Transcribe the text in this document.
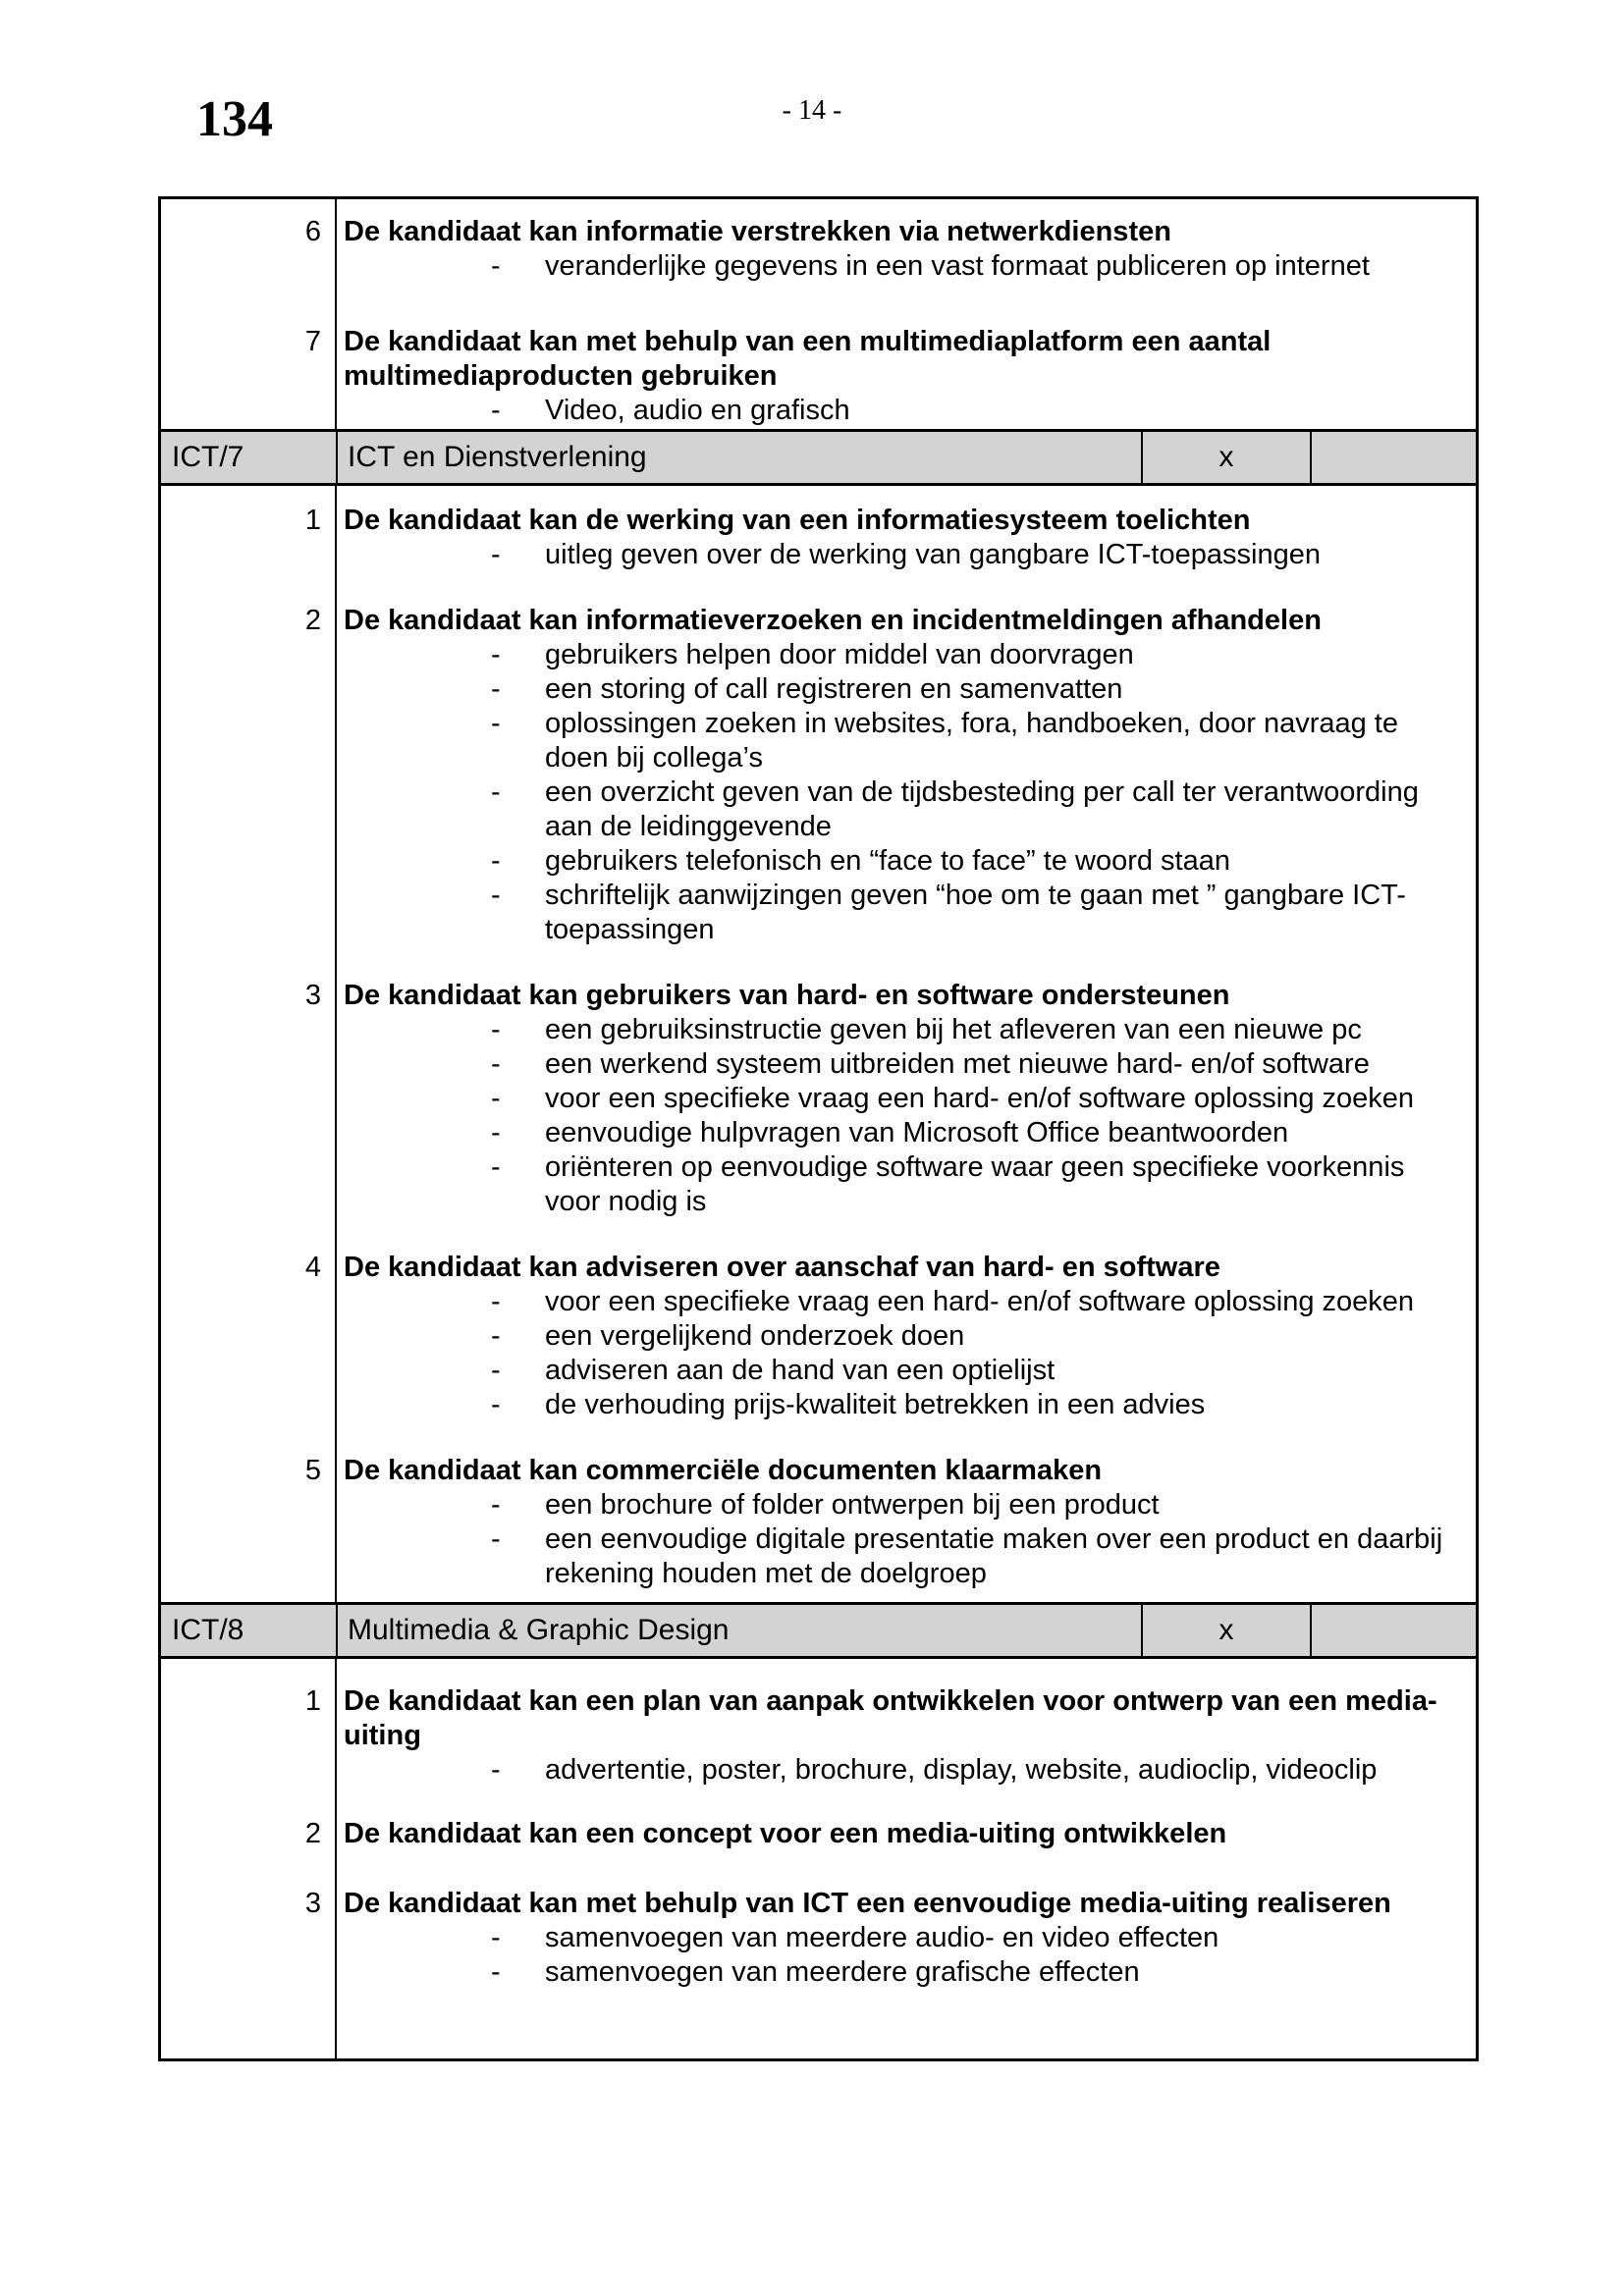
134	- 14 -
6 De kandidaat kan informatie verstrekken via netwerkdiensten
- veranderlijke gegevens in een vast formaat publiceren op internet
7 De kandidaat kan met behulp van een multimediaplatform een aantal multimediaproducten gebruiken
- Video, audio en grafisch
ICT/7	ICT en Dienstverlening	x
1 De kandidaat kan de werking van een informatiesysteem toelichten
- uitleg geven over de werking van gangbare ICT-toepassingen
2 De kandidaat kan informatieverzoeken en incidentmeldingen afhandelen
- gebruikers helpen door middel van doorvragen
- een storing of call registreren en samenvatten
- oplossingen zoeken in websites, fora, handboeken, door navraag te doen bij collega’s
- een overzicht geven van de tijdsbesteding per call ter verantwoording aan de leidinggevende
- gebruikers telefonisch en “face to face” te woord staan
- schriftelijk aanwijzingen geven “hoe om te gaan met ” gangbare ICT-toepassingen
3 De kandidaat kan gebruikers van hard- en software ondersteunen
- een gebruiksinstructie geven bij het afleveren van een nieuwe pc
- een werkend systeem uitbreiden met nieuwe hard- en/of software
- voor een specifieke vraag een hard- en/of software oplossing zoeken
- eenvoudige hulpvragen van Microsoft Office beantwoorden
- oriënteren op eenvoudige software waar geen specifieke voorkennis voor nodig is
4 De kandidaat kan adviseren over aanschaf van hard- en software
- voor een specifieke vraag een hard- en/of software oplossing zoeken
- een vergelijkend onderzoek doen
- adviseren aan de hand van een optielijst
- de verhouding prijs-kwaliteit betrekken in een advies
5 De kandidaat kan commerciële documenten klaarmaken
- een brochure of folder ontwerpen bij een product
- een eenvoudige digitale presentatie maken over een product en daarbij rekening houden met de doelgroep
ICT/8	Multimedia & Graphic Design	x
1 De kandidaat kan een plan van aanpak ontwikkelen voor ontwerp van een media-uiting
- advertentie, poster, brochure, display, website, audioclip, videoclip
2 De kandidaat kan een concept voor een media-uiting ontwikkelen
3 De kandidaat kan met behulp van ICT een eenvoudige media-uiting realiseren
- samenvoegen van meerdere audio- en video effecten
- samenvoegen van meerdere grafische effecten
